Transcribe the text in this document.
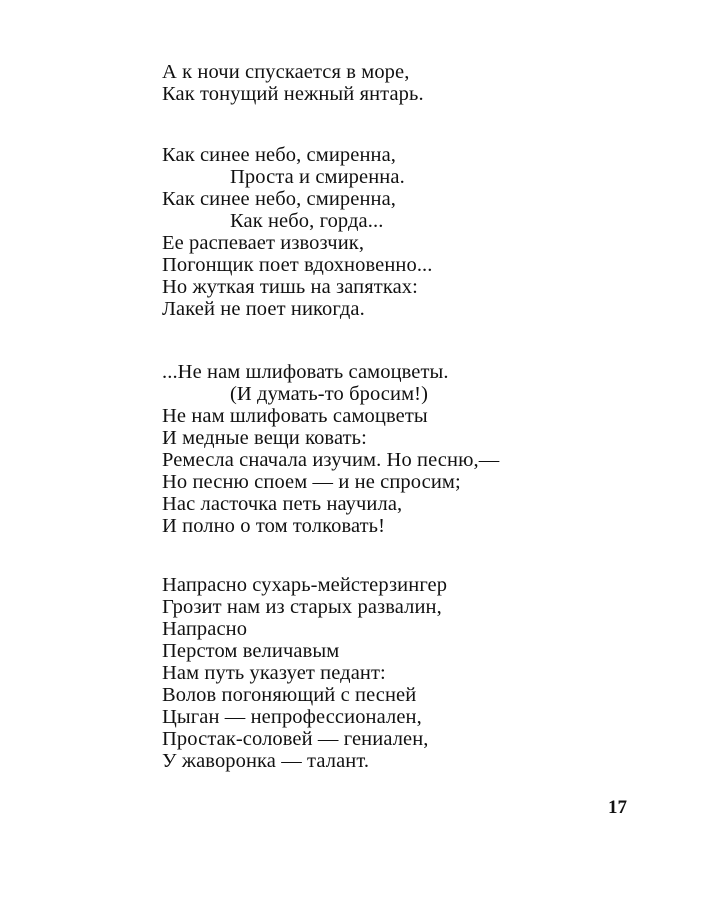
А к ночи спускается в море,
Как тонущий нежный янтарь.
Как синее небо, смиренна,
Проста и смиренна.
Как синее небо, смиренна,
Как небо, горда...
Ее распевает извозчик,
Погонщик поет вдохновенно...
Но жуткая тишь на запятках:
Лакей не поет никогда.
...Не нам шлифовать самоцветы.
(И думать-то бросим!)
Не нам шлифовать самоцветы
И медные вещи ковать:
Ремесла сначала изучим. Но песню,—
Но песню споем — и не спросим;
Нас ласточка петь научила,
И полно о том толковать!
Напрасно сухарь-мейстерзингер
Грозит нам из старых развалин,
Напрасно
Перстом величавым
Нам путь указует педант:
Волов погоняющий с песней
Цыган — непрофессионален,
Простак-соловей — гениален,
У жаворонка — талант.
17
